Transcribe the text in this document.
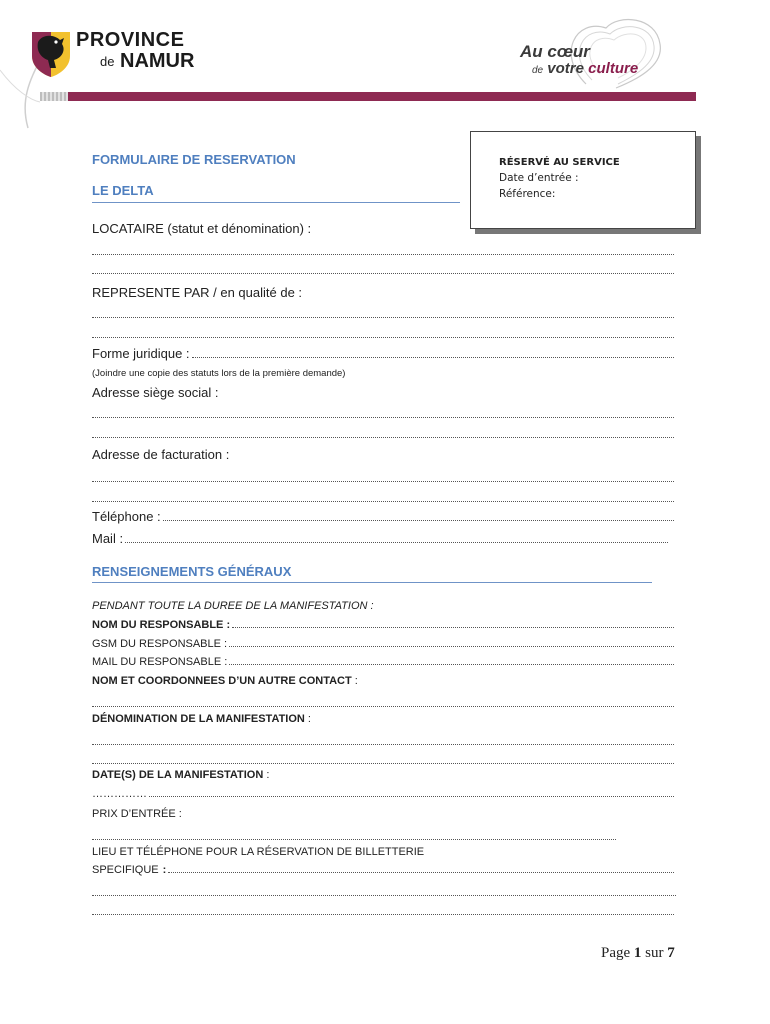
PROVINCE
de NAMUR	Au cœur
de votre culture
FORMULAIRE DE RESERVATION
LE DELTA
RÉSERVÉ AU SERVICE
Date d’entrée :
Référence:
LOCATAIRE (statut et dénomination) :
REPRESENTE PAR / en qualité de :
Forme juridique :
(Joindre une copie des statuts lors de la première demande)
Adresse siège social :
Adresse de facturation :
Téléphone :
Mail :
RENSEIGNEMENTS GÉNÉRAUX
PENDANT TOUTE LA DUREE DE LA MANIFESTATION :
NOM DU RESPONSABLE :
GSM DU RESPONSABLE :
MAIL DU RESPONSABLE :
NOM ET COORDONNEES D’UN AUTRE CONTACT :
DÉNOMINATION DE LA MANIFESTATION :
DATE(S) DE LA MANIFESTATION :
……………
PRIX D’ENTRÉE :
LIEU ET TÉLÉPHONE POUR LA RÉSERVATION DE BILLETTERIE
SPECIFIQUE :
Page 1 sur 7
